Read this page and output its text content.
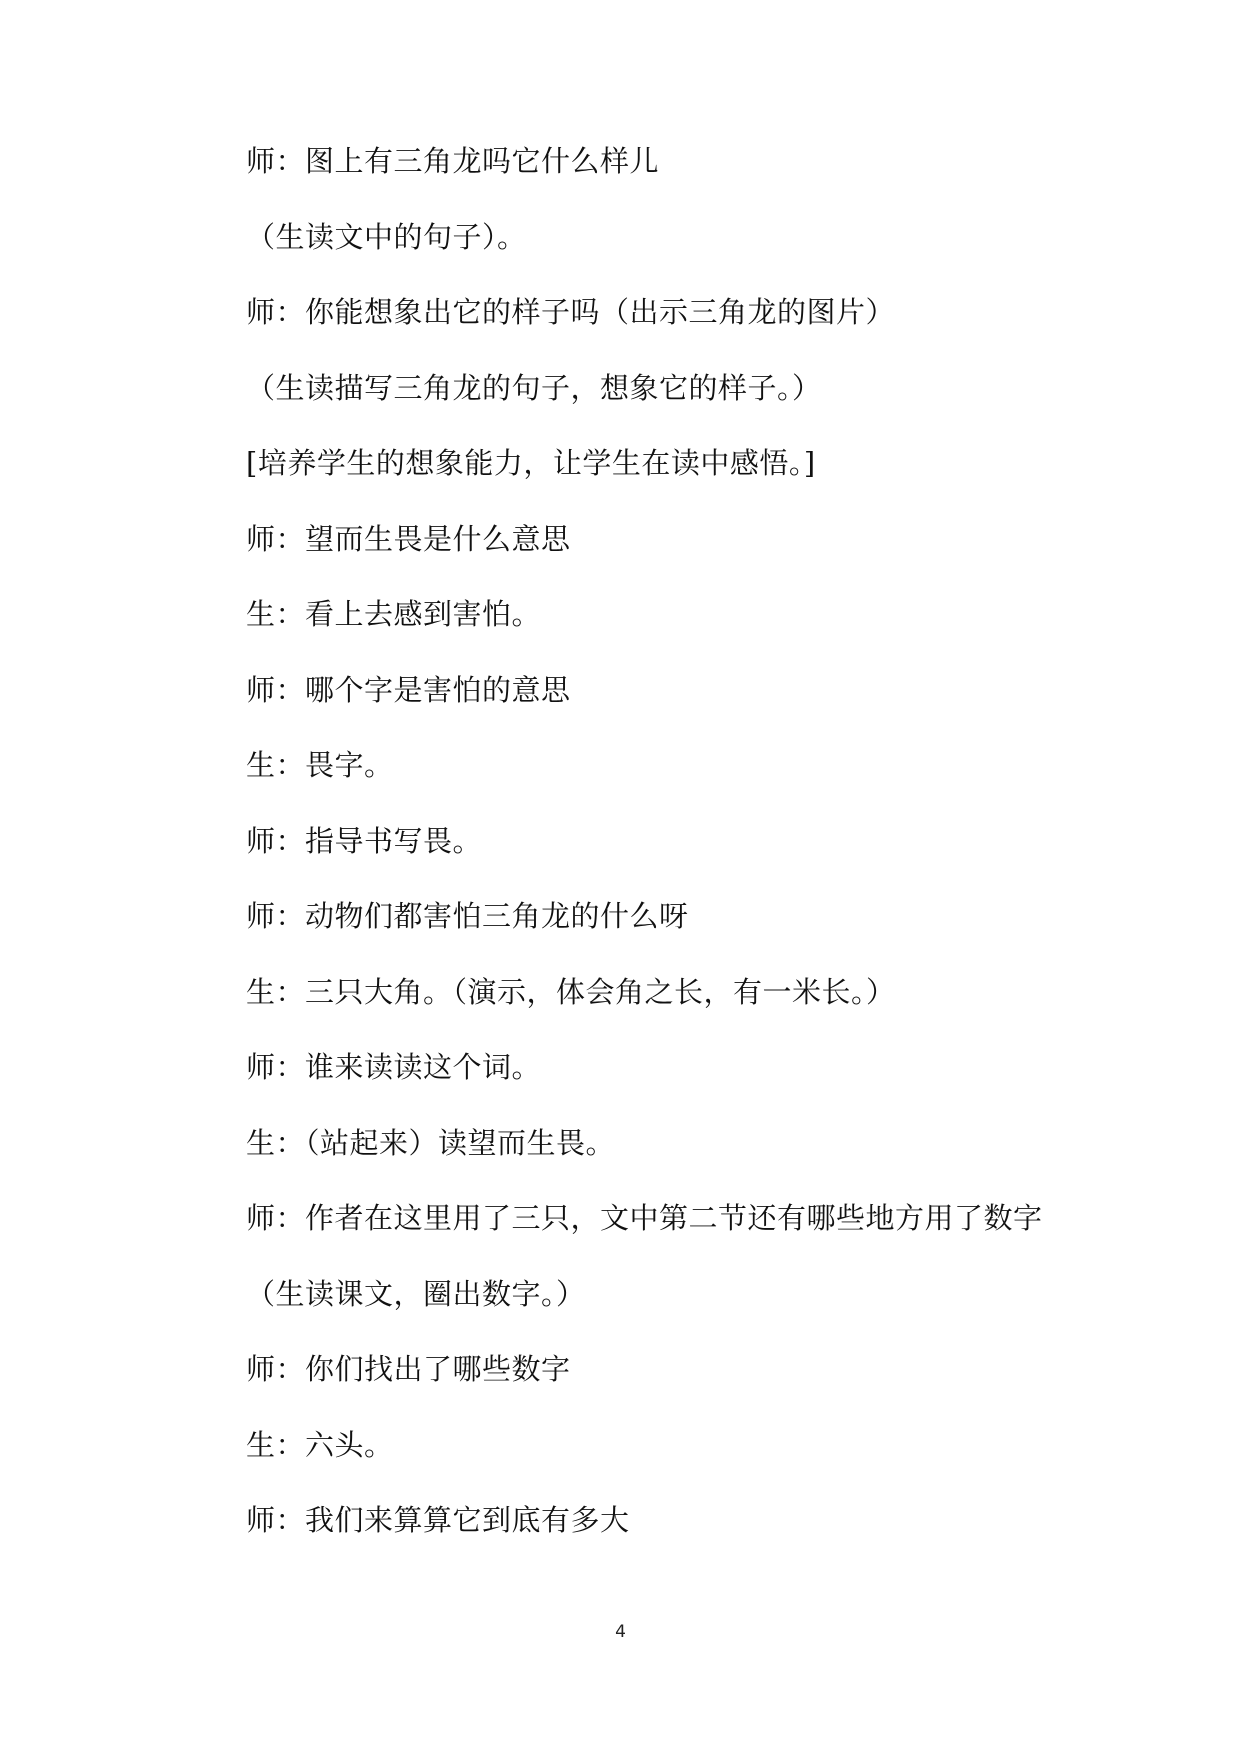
师：图上有三角龙吗它什么样儿
（生读文中的句子）。
师：你能想象出它的样子吗（出示三角龙的图片）
（生读描写三角龙的句子，想象它的样子。）
[培养学生的想象能力，让学生在读中感悟。]
师：望而生畏是什么意思
生：看上去感到害怕。
师：哪个字是害怕的意思
生：畏字。
师：指导书写畏。
师：动物们都害怕三角龙的什么呀
生：三只大角。（演示，体会角之长，有一米长。）
师：谁来读读这个词。
生：（站起来）读望而生畏。
师：作者在这里用了三只，文中第二节还有哪些地方用了数字
（生读课文，圈出数字。）
师：你们找出了哪些数字
生：六头。
师：我们来算算它到底有多大
4
